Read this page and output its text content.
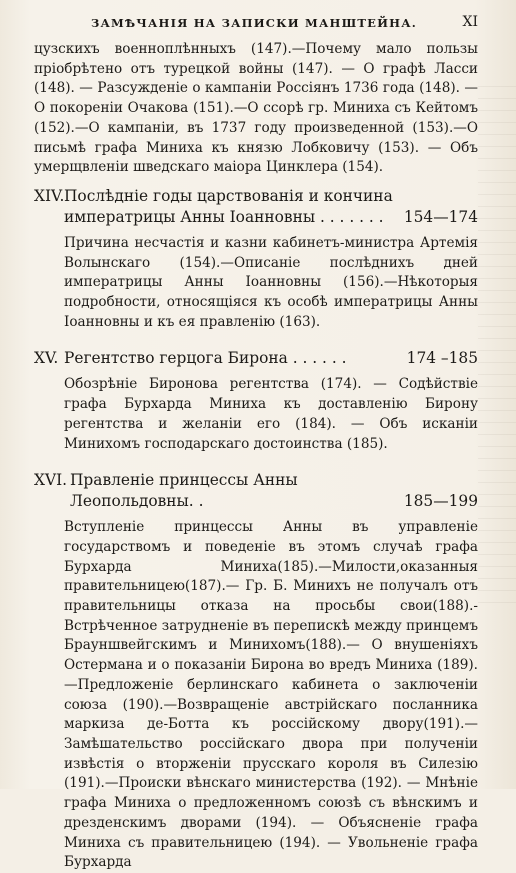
ЗАМѢЧАНІЯ НА ЗАПИСКИ МАНШТЕЙНА.	XI

цузскихъ военноплѣнныхъ (147).—Почему мало пользы пріобрѣтено отъ турецкой войны (147). — О графѣ Ласси (148). — Разсужденіе о кампаніи Россіянъ 1736 года (148). — О покореніи Очакова (151).—О ссорѣ гр. Миниха съ Кейтомъ (152).—О кампаніи, въ 1737 году произведенной (153).—О письмѣ графа Миниха къ князю Лобковичу (153). — Объ умерщвленіи шведскаго маіора Цинклера (154).

XIV. Послѣдніе годы царствованія и кончина императрицы Анны Іоанновны . . . . . . .	154—174

Причина несчастія и казни кабинетъ-министра Артемія Волынскаго (154).—Описаніе послѣднихъ дней императрицы Анны Іоанновны (156).—Нѣкоторыя подробности, относящіяся къ особѣ императрицы Анны Іоанновны и къ ея правленію (163).

XV. Регентство герцога Бирона . . . . . .	174 –185

Обозрѣніе Биронова регентства (174). — Содѣйствіе графа Бурхарда Миниха къ доставленію Бирону регентства и желаніи его (184). — Объ исканіи Минихомъ господарскаго достоинства (185).

XVI. Правленіе принцессы Анны Леопольдовны. .	185—199

Вступленіе принцессы Анны въ управленіе государствомъ и поведеніе въ этомъ случаѣ графа Бурхарда Миниха(185).—Милости,оказанныя правительницею(187).— Гр. Б. Минихъ не получалъ отъ правительницы отказа на просьбы свои(188).-Встрѣченное затрудненіе въ перепискѣ между принцемъ Брауншвейгскимъ и Минихомъ(188).— О внушеніяхъ Остермана и о показаніи Бирона во вредъ Миниха (189).—Предложеніе берлинскаго кабинета о заключеніи союза (190).—Возвращеніе австрійскаго посланника маркиза де-Ботта къ россійскому двору(191).— Замѣшательство россійскаго двора при полученіи извѣстія о вторженіи прусскаго короля въ Силезію (191).—Происки вѣнскаго министерства (192). — Мнѣніе графа Миниха о предложенномъ союзѣ съ вѣнскимъ и дрезденскимъ дворами (194). — Объясненіе графа Миниха съ правительницею (194). — Увольненіе графа Бурхарда
